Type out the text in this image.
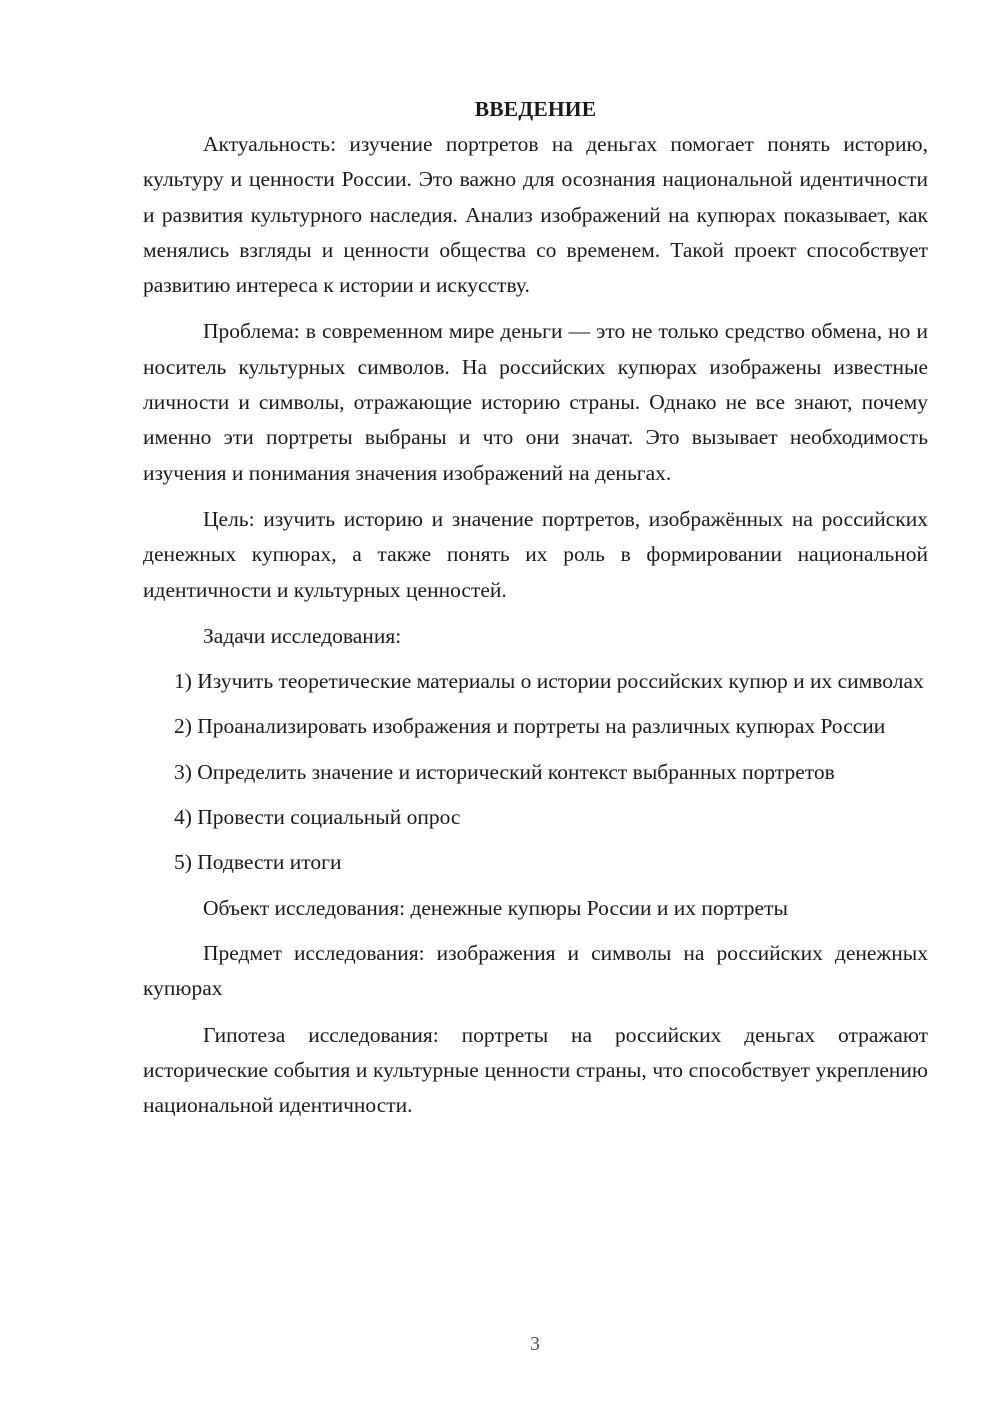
ВВЕДЕНИЕ

Актуальность: изучение портретов на деньгах помогает понять историю, культуру и ценности России. Это важно для осознания национальной идентичности и развития культурного наследия. Анализ изображений на купюрах показывает, как менялись взгляды и ценности общества со временем. Такой проект способствует развитию интереса к истории и искусству.

Проблема: в современном мире деньги — это не только средство обмена, но и носитель культурных символов. На российских купюрах изображены известные личности и символы, отражающие историю страны. Однако не все знают, почему именно эти портреты выбраны и что они значат. Это вызывает необходимость изучения и понимания значения изображений на деньгах.

Цель: изучить историю и значение портретов, изображённых на российских денежных купюрах, а также понять их роль в формировании национальной идентичности и культурных ценностей.

Задачи исследования:

1) Изучить теоретические материалы о истории российских купюр и их символах

2) Проанализировать изображения и портреты на различных купюрах России

3) Определить значение и исторический контекст выбранных портретов

4) Провести социальный опрос

5) Подвести итоги

Объект исследования: денежные купюры России и их портреты

Предмет исследования: изображения и символы на российских денежных купюрах

Гипотеза исследования: портреты на российских деньгах отражают исторические события и культурные ценности страны, что способствует укреплению национальной идентичности.

3
